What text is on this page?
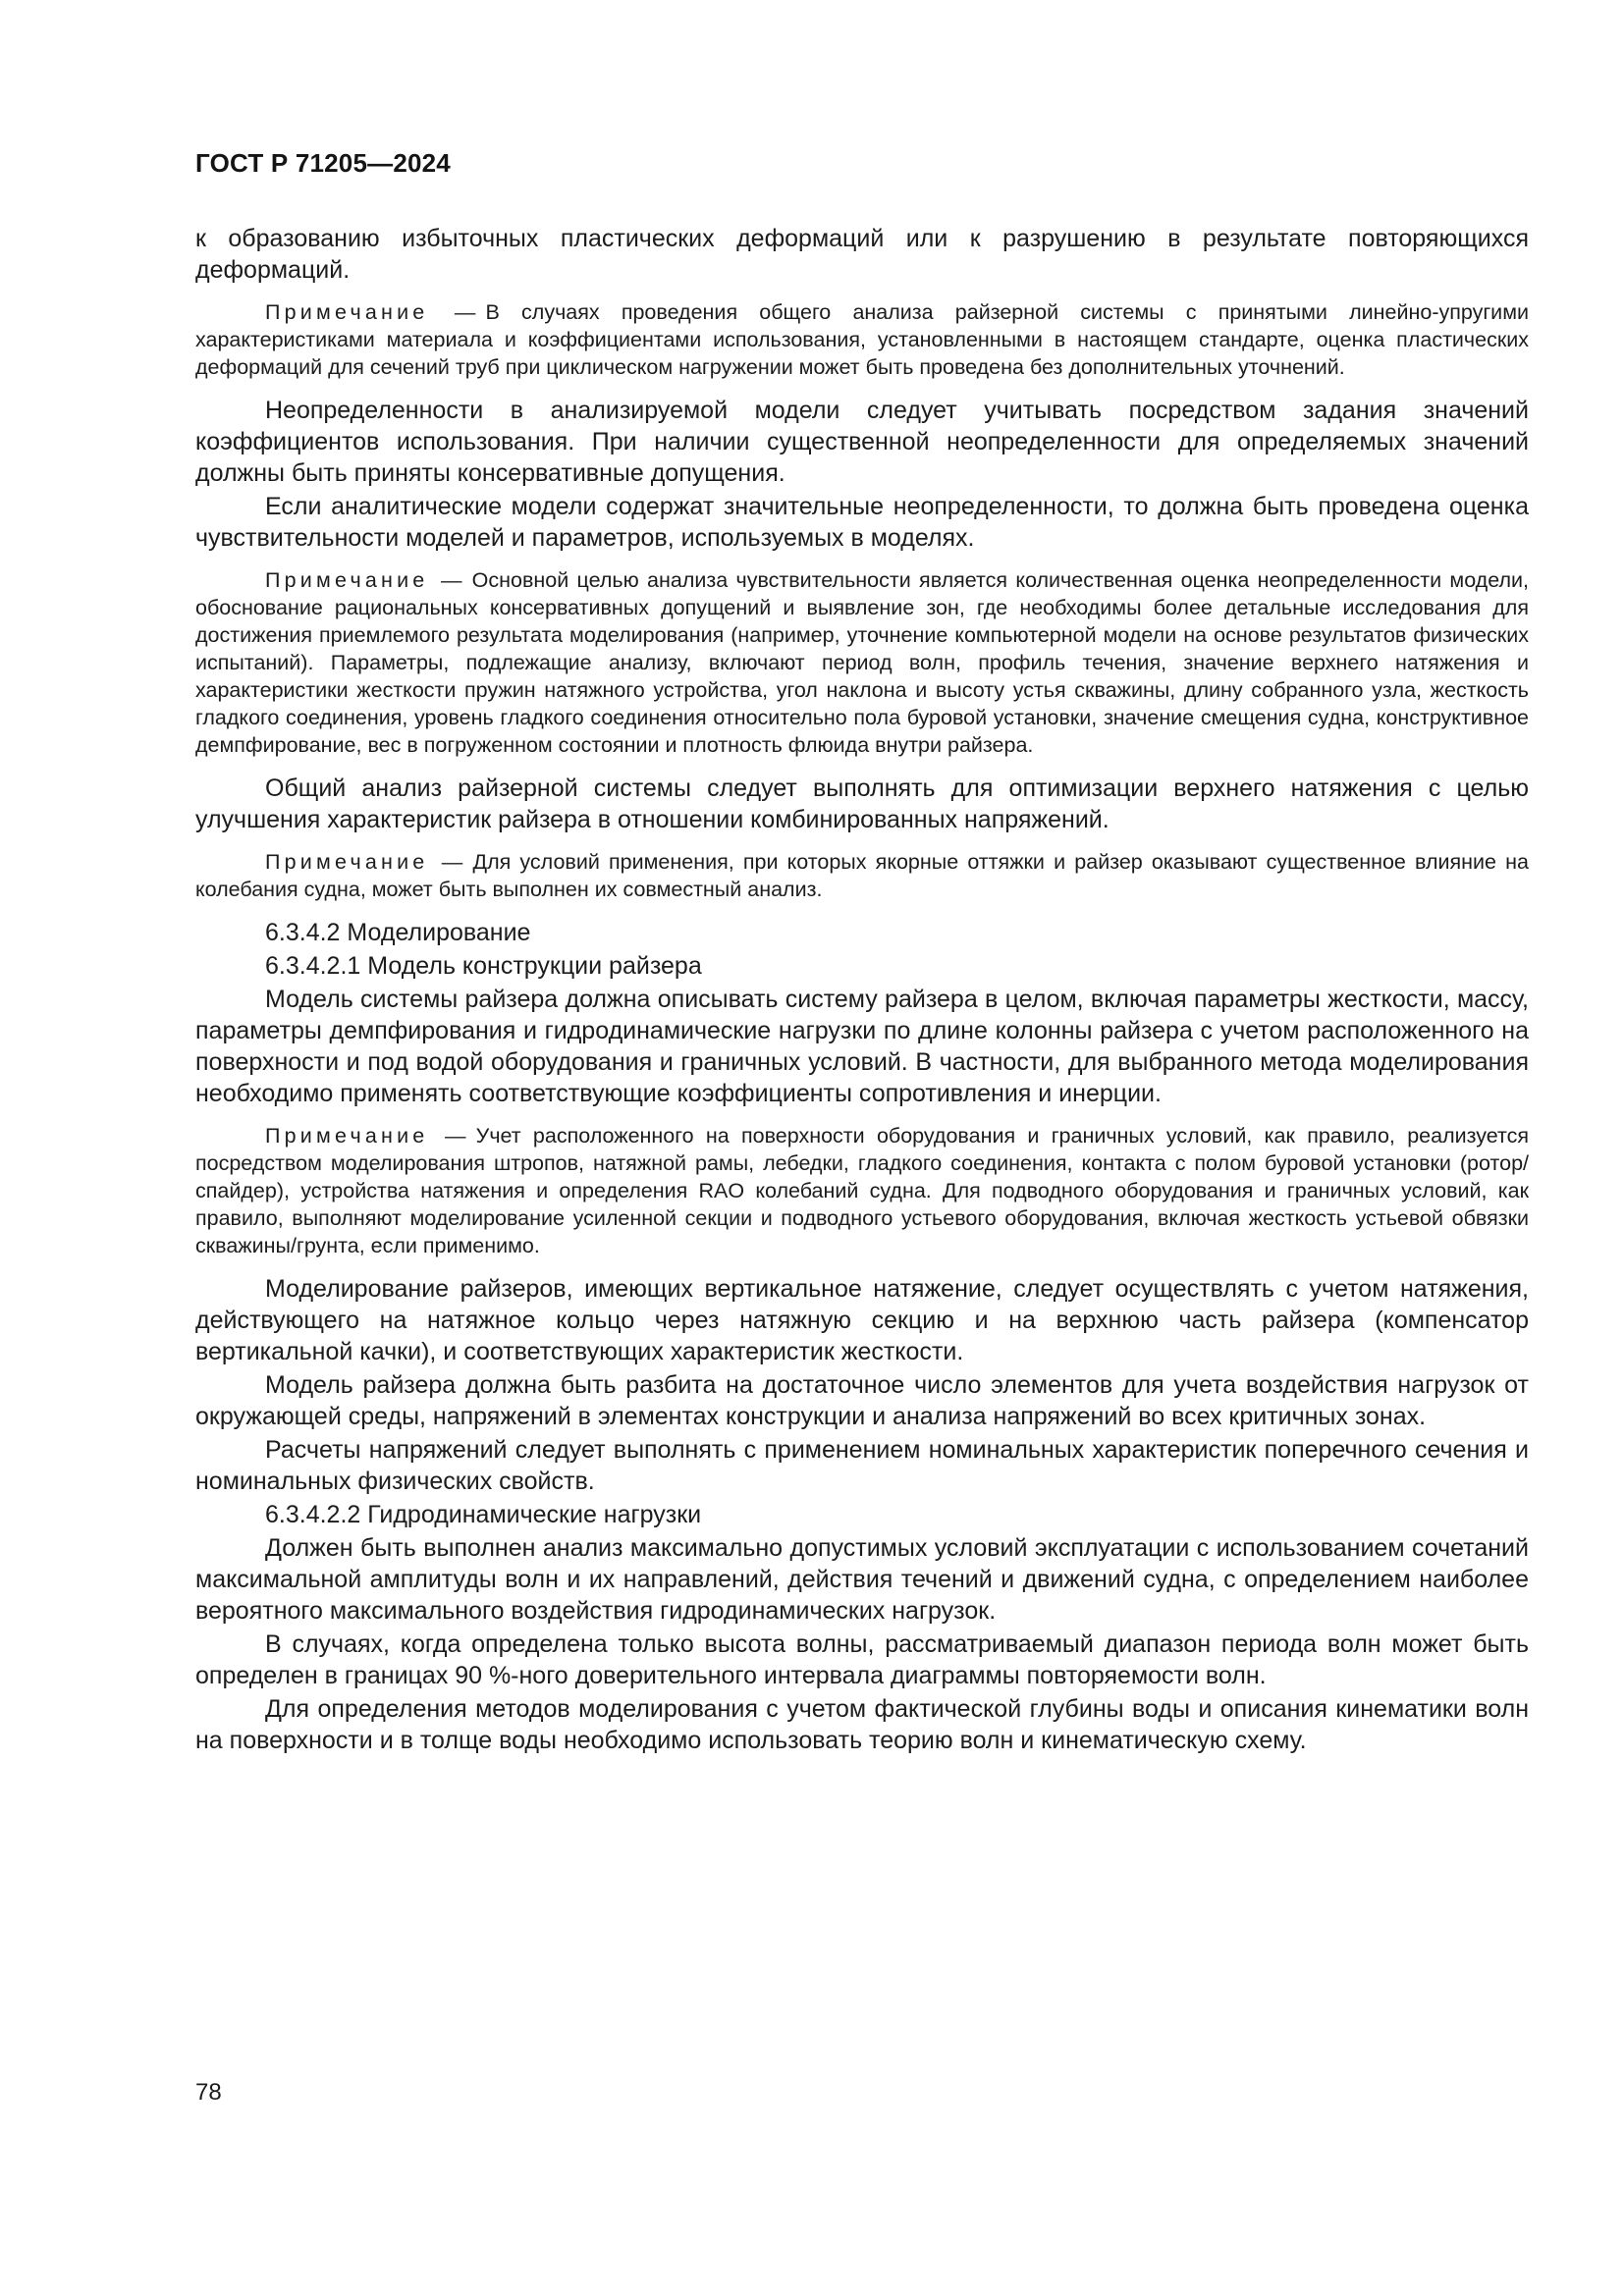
ГОСТ Р 71205—2024
к образованию избыточных пластических деформаций или к разрушению в результате повторяющихся деформаций.
Примечание — В случаях проведения общего анализа райзерной системы с принятыми линейно-упругими характеристиками материала и коэффициентами использования, установленными в настоящем стандарте, оценка пластических деформаций для сечений труб при циклическом нагружении может быть проведена без дополнительных уточнений.
Неопределенности в анализируемой модели следует учитывать посредством задания значений коэффициентов использования. При наличии существенной неопределенности для определяемых значений должны быть приняты консервативные допущения.
Если аналитические модели содержат значительные неопределенности, то должна быть проведена оценка чувствительности моделей и параметров, используемых в моделях.
Примечание — Основной целью анализа чувствительности является количественная оценка неопределенности модели, обоснование рациональных консервативных допущений и выявление зон, где необходимы более детальные исследования для достижения приемлемого результата моделирования (например, уточнение компьютерной модели на основе результатов физических испытаний). Параметры, подлежащие анализу, включают период волн, профиль течения, значение верхнего натяжения и характеристики жесткости пружин натяжного устройства, угол наклона и высоту устья скважины, длину собранного узла, жесткость гладкого соединения, уровень гладкого соединения относительно пола буровой установки, значение смещения судна, конструктивное демпфирование, вес в погруженном состоянии и плотность флюида внутри райзера.
Общий анализ райзерной системы следует выполнять для оптимизации верхнего натяжения с целью улучшения характеристик райзера в отношении комбинированных напряжений.
Примечание — Для условий применения, при которых якорные оттяжки и райзер оказывают существенное влияние на колебания судна, может быть выполнен их совместный анализ.
6.3.4.2 Моделирование
6.3.4.2.1 Модель конструкции райзера
Модель системы райзера должна описывать систему райзера в целом, включая параметры жесткости, массу, параметры демпфирования и гидродинамические нагрузки по длине колонны райзера с учетом расположенного на поверхности и под водой оборудования и граничных условий. В частности, для выбранного метода моделирования необходимо применять соответствующие коэффициенты сопротивления и инерции.
Примечание — Учет расположенного на поверхности оборудования и граничных условий, как правило, реализуется посредством моделирования штропов, натяжной рамы, лебедки, гладкого соединения, контакта с полом буровой установки (ротор/спайдер), устройства натяжения и определения RAO колебаний судна. Для подводного оборудования и граничных условий, как правило, выполняют моделирование усиленной секции и подводного устьевого оборудования, включая жесткость устьевой обвязки скважины/грунта, если применимо.
Моделирование райзеров, имеющих вертикальное натяжение, следует осуществлять с учетом натяжения, действующего на натяжное кольцо через натяжную секцию и на верхнюю часть райзера (компенсатор вертикальной качки), и соответствующих характеристик жесткости.
Модель райзера должна быть разбита на достаточное число элементов для учета воздействия нагрузок от окружающей среды, напряжений в элементах конструкции и анализа напряжений во всех критичных зонах.
Расчеты напряжений следует выполнять с применением номинальных характеристик поперечного сечения и номинальных физических свойств.
6.3.4.2.2 Гидродинамические нагрузки
Должен быть выполнен анализ максимально допустимых условий эксплуатации с использованием сочетаний максимальной амплитуды волн и их направлений, действия течений и движений судна, с определением наиболее вероятного максимального воздействия гидродинамических нагрузок.
В случаях, когда определена только высота волны, рассматриваемый диапазон периода волн может быть определен в границах 90 %-ного доверительного интервала диаграммы повторяемости волн.
Для определения методов моделирования с учетом фактической глубины воды и описания кинематики волн на поверхности и в толще воды необходимо использовать теорию волн и кинематическую схему.
78
